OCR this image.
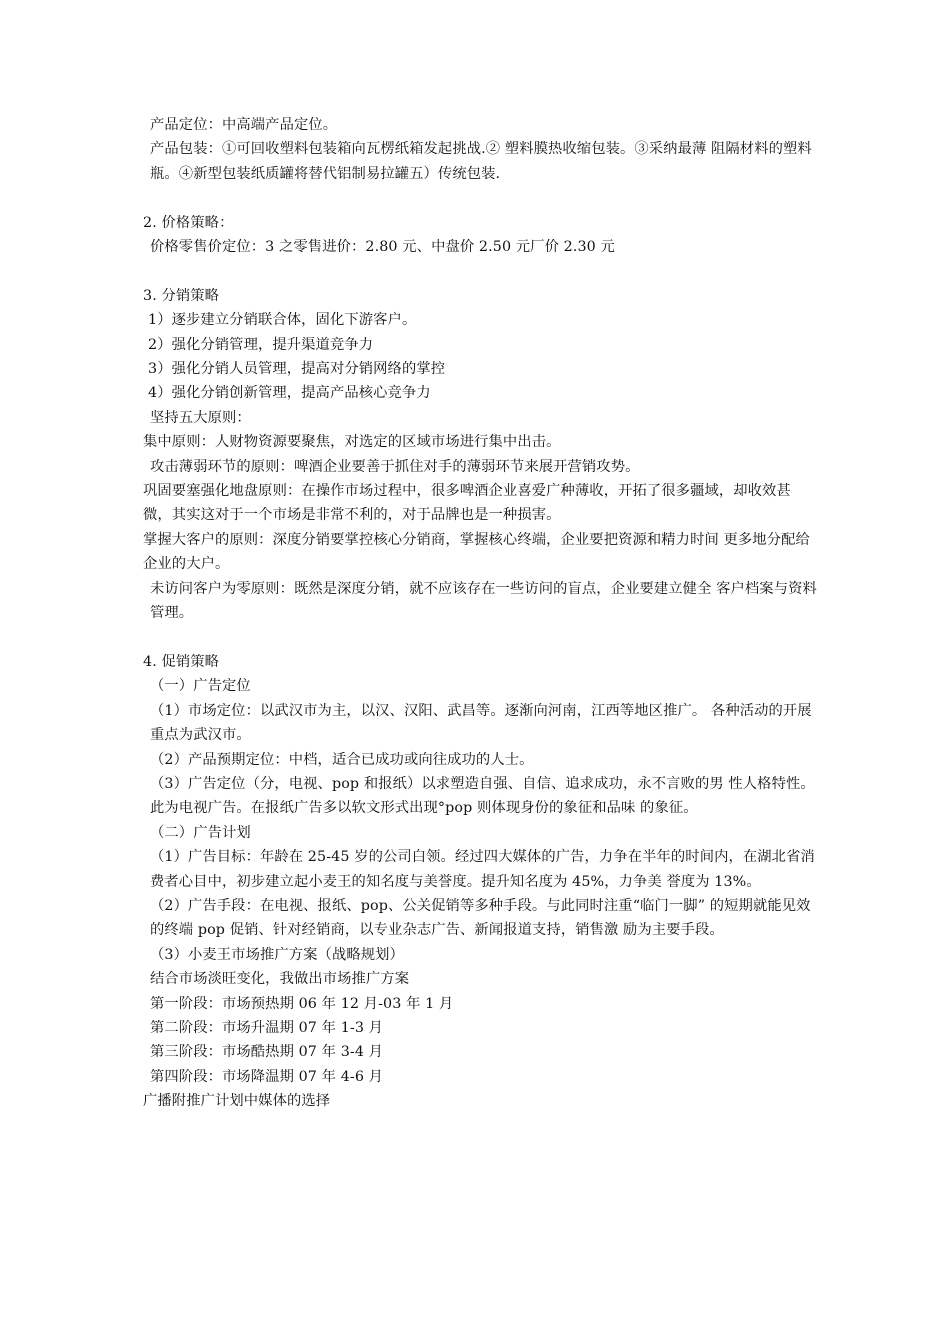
产品定位：中高端产品定位。

产品包装：①可回收塑料包装箱向瓦楞纸箱发起挑战.② 塑料膜热收缩包装。③采纳最薄 阻隔材料的塑料瓶。④新型包装纸质罐将替代铝制易拉罐五）传统包装.

2. 价格策略：

价格零售价定位：3 之零售进价：2.80 元、中盘价 2.50 元厂价 2.30 元

3. 分销策略

1）逐步建立分销联合体，固化下游客户。

2）强化分销管理，提升渠道竞争力

3）强化分销人员管理，提高对分销网络的掌控

4）强化分销创新管理，提高产品核心竞争力

坚持五大原则：

集中原则：人财物资源要聚焦，对选定的区域市场进行集中出击。

攻击薄弱环节的原则：啤酒企业要善于抓住对手的薄弱环节来展开营销攻势。

巩固要塞强化地盘原则：在操作市场过程中，很多啤酒企业喜爱广种薄收，开拓了很多疆域，却收效甚微，其实这对于一个市场是非常不利的，对于品牌也是一种损害。

掌握大客户的原则：深度分销要掌控核心分销商，掌握核心终端，企业要把资源和精力时间 更多地分配给企业的大户。

未访问客户为零原则：既然是深度分销，就不应该存在一些访问的盲点，企业要建立健全 客户档案与资料管理。

4. 促销策略

（一）广告定位

（1）市场定位：以武汉市为主，以汉、汉阳、武昌等。逐渐向河南，江西等地区推广。 各种活动的开展重点为武汉市。

（2）产品预期定位：中档，适合已成功或向往成功的人士。

（3）广告定位（分，电视、pop 和报纸）以求塑造自强、自信、追求成功，永不言败的男 性人格特性。此为电视广告。在报纸广告多以软文形式出现°pop 则体现身份的象征和品味 的象征。

（二）广告计划

（1）广告目标：年龄在 25-45 岁的公司白领。经过四大媒体的广告，力争在半年的时间内，在湖北省消费者心目中，初步建立起小麦王的知名度与美誉度。提升知名度为 45%，力争美 誉度为 13%。

（2）广告手段：在电视、报纸、pop、公关促销等多种手段。与此同时注重“临门一脚” 的短期就能见效的终端 pop 促销、针对经销商，以专业杂志广告、新闻报道支持，销售激 励为主要手段。

（3）小麦王市场推广方案（战略规划）

结合市场淡旺变化，我做出市场推广方案

第一阶段：市场预热期 06 年 12 月-03 年 1 月

第二阶段：市场升温期 07 年 1-3 月

第三阶段：市场酷热期 07 年 3-4 月

第四阶段：市场降温期 07 年 4-6 月

广播附推广计划中媒体的选择
